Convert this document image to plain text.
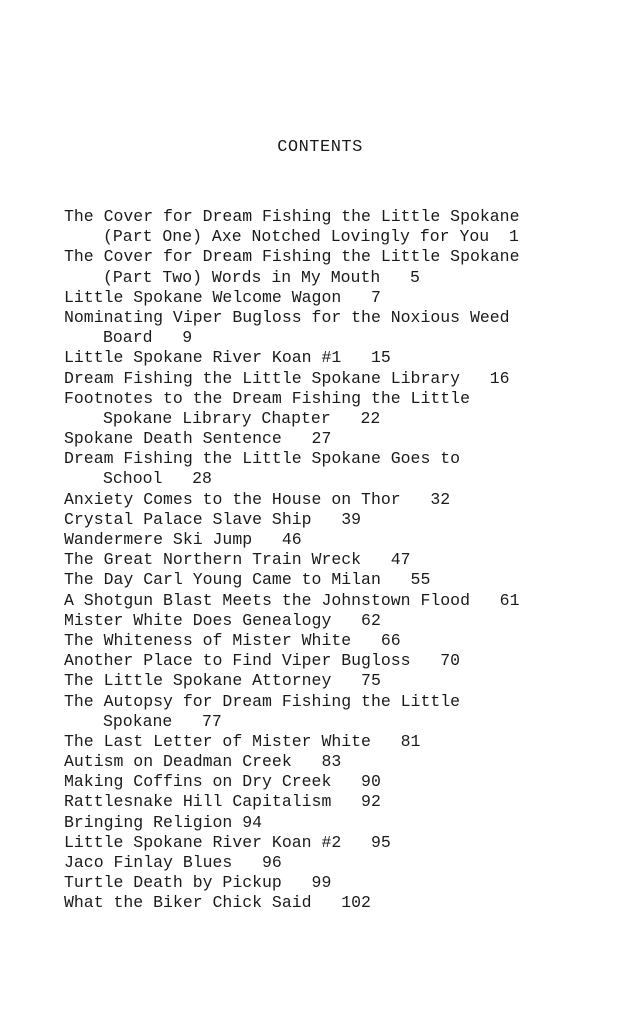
CONTENTS
The Cover for Dream Fishing the Little Spokane
(Part One) Axe Notched Lovingly for You  1
The Cover for Dream Fishing the Little Spokane
(Part Two) Words in My Mouth   5
Little Spokane Welcome Wagon   7
Nominating Viper Bugloss for the Noxious Weed
Board   9
Little Spokane River Koan #1   15
Dream Fishing the Little Spokane Library   16
Footnotes to the Dream Fishing the Little
Spokane Library Chapter   22
Spokane Death Sentence   27
Dream Fishing the Little Spokane Goes to
School   28
Anxiety Comes to the House on Thor   32
Crystal Palace Slave Ship   39
Wandermere Ski Jump   46
The Great Northern Train Wreck   47
The Day Carl Young Came to Milan   55
A Shotgun Blast Meets the Johnstown Flood   61
Mister White Does Genealogy   62
The Whiteness of Mister White   66
Another Place to Find Viper Bugloss   70
The Little Spokane Attorney   75
The Autopsy for Dream Fishing the Little
Spokane   77
The Last Letter of Mister White   81
Autism on Deadman Creek   83
Making Coffins on Dry Creek   90
Rattlesnake Hill Capitalism   92
Bringing Religion 94
Little Spokane River Koan #2   95
Jaco Finlay Blues   96
Turtle Death by Pickup   99
What the Biker Chick Said   102
